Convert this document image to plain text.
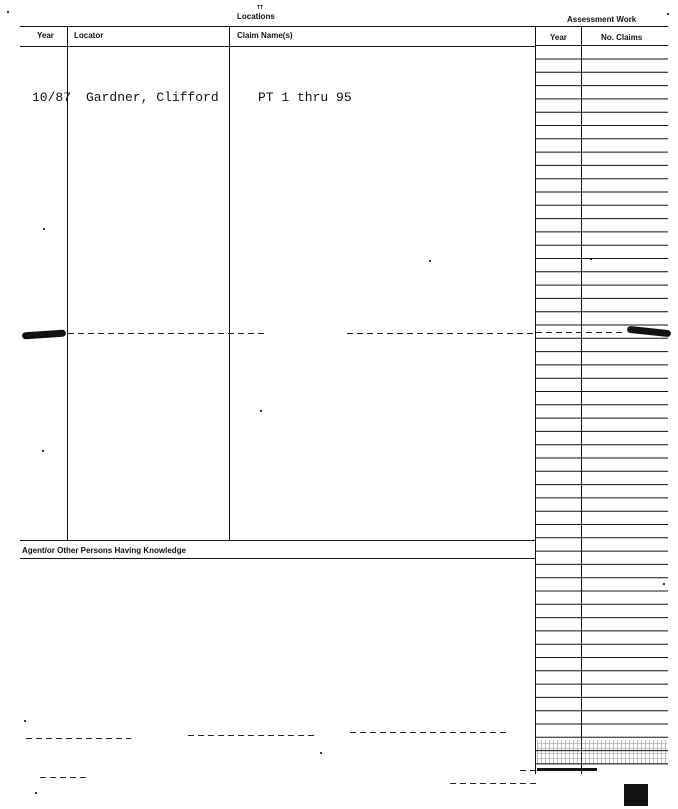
TT
Locations	Assessment Work
Year	Locator	Claim Name(s)	Year	No. Claims
Agent/or Other Persons Having Knowledge
10/87 Gardner, Clifford	PT 1 thru 95
